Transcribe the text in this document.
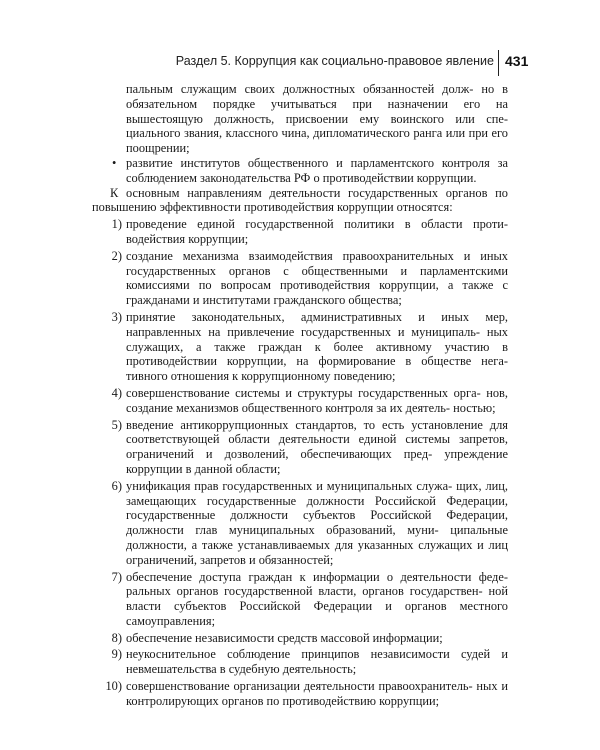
Раздел 5. Коррупция как социально-правовое явление 431

пальным служащим своих должностных обязанностей долж- но в обязательном порядке учитываться при назначении его на вышестоящую должность, присвоении ему воинского или спе- циального звания, классного чина, дипломатического ранга или при его поощрении;

• развитие институтов общественного и парламентского контроля за соблюдением законодательства РФ о противодействии коррупции.

К основным направлениям деятельности государственных органов по повышению эффективности противодействия коррупции относятся:

1) проведение единой государственной политики в области проти- водействия коррупции;
2) создание механизма взаимодействия правоохранительных и иных государственных органов с общественными и парламентскими комиссиями по вопросам противодействия коррупции, а также с гражданами и институтами гражданского общества;
3) принятие законодательных, административных и иных мер, направленных на привлечение государственных и муниципаль- ных служащих, а также граждан к более активному участию в противодействии коррупции, на формирование в обществе нега- тивного отношения к коррупционному поведению;
4) совершенствование системы и структуры государственных орга- нов, создание механизмов общественного контроля за их деятель- ностью;
5) введение антикоррупционных стандартов, то есть установление для соответствующей области деятельности единой системы запретов, ограничений и дозволений, обеспечивающих пред- упреждение коррупции в данной области;
6) унификация прав государственных и муниципальных служа- щих, лиц, замещающих государственные должности Российской Федерации, государственные должности субъектов Российской Федерации, должности глав муниципальных образований, муни- ципальные должности, а также устанавливаемых для указанных служащих и лиц ограничений, запретов и обязанностей;
7) обеспечение доступа граждан к информации о деятельности феде- ральных органов государственной власти, органов государствен- ной власти субъектов Российской Федерации и органов местного самоуправления;
8) обеспечение независимости средств массовой информации;
9) неукоснительное соблюдение принципов независимости судей и невмешательства в судебную деятельность;
10) совершенствование организации деятельности правоохранитель- ных и контролирующих органов по противодействию коррупции;
